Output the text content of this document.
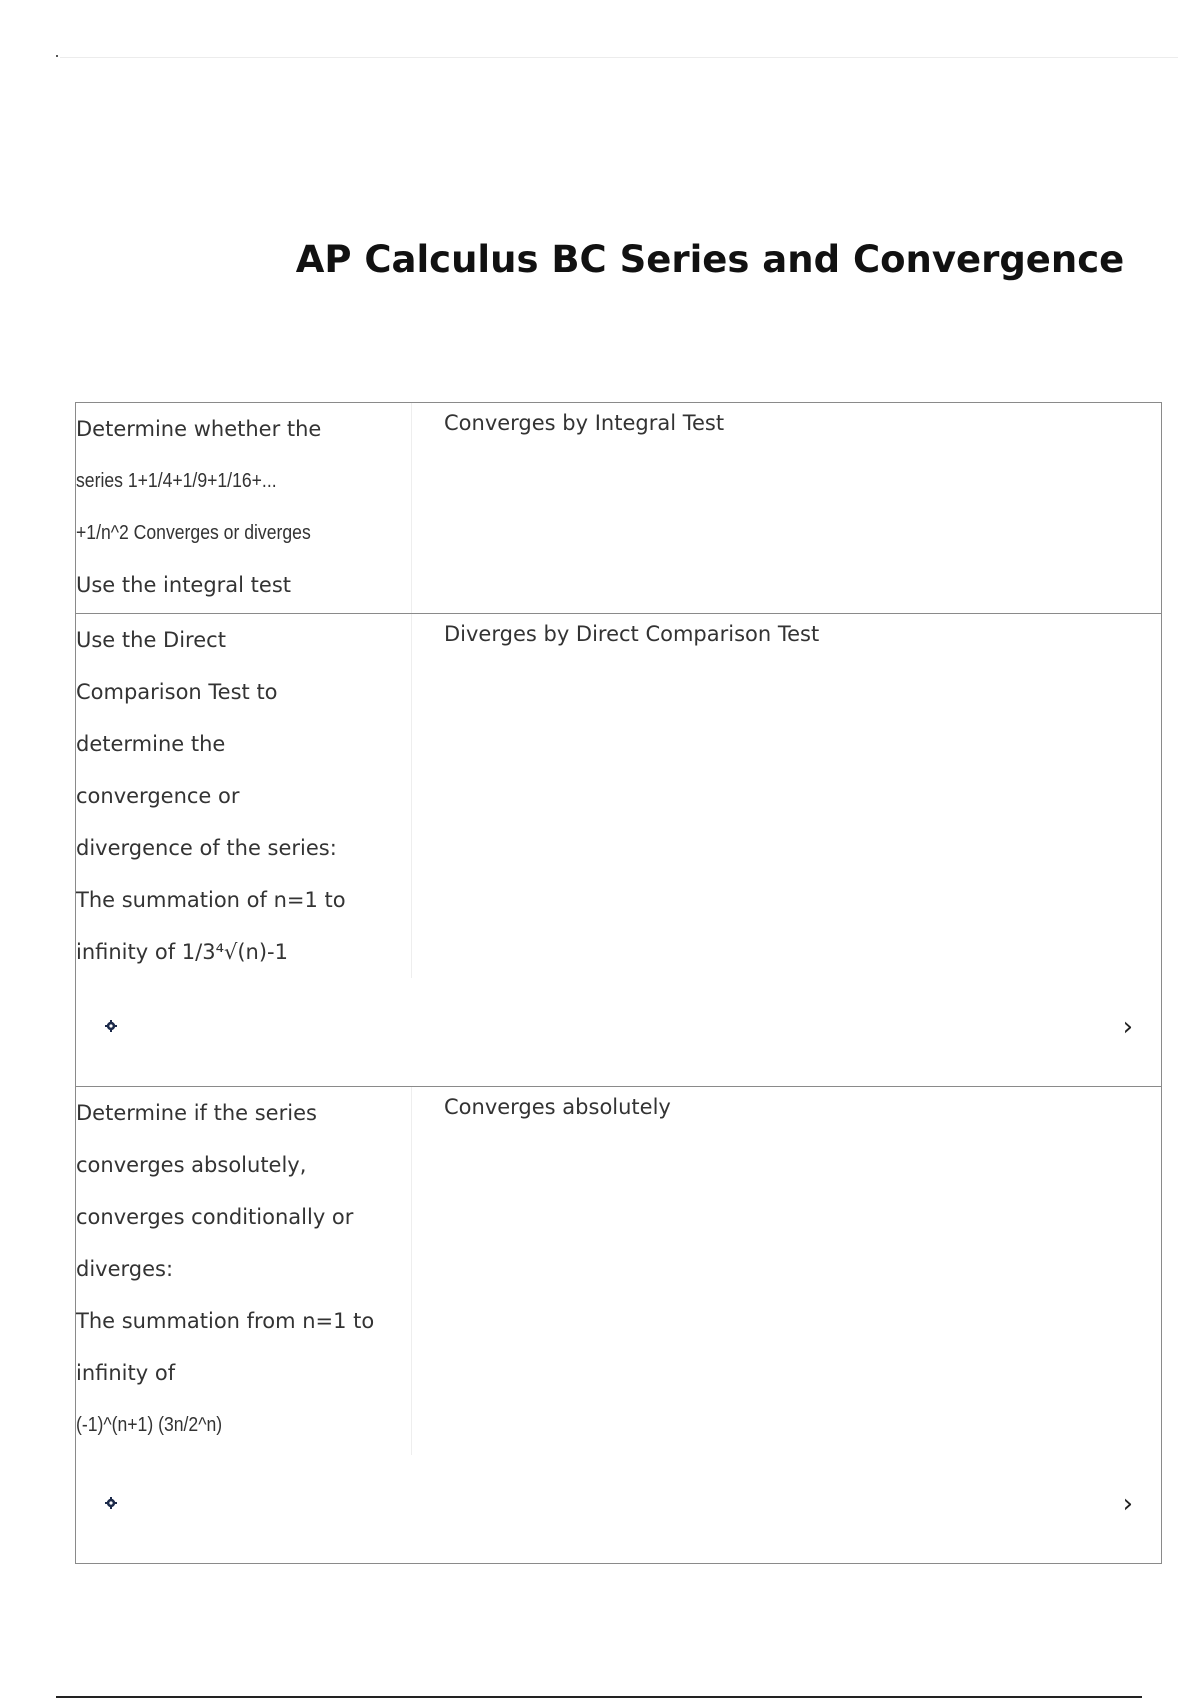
AP Calculus BC Series and Convergence
Determine whether the
series 1+1/4+1/9+1/16+...
+1/n^2 Converges or diverges
Use the integral test
Converges by Integral Test
Use the Direct
Comparison Test to
determine the
convergence or
divergence of the series:
The summation of n=1 to
infinity of 1/3⁴√(n)-1
Diverges by Direct Comparison Test
›
Determine if the series
converges absolutely,
converges conditionally or
diverges:
The summation from n=1 to
infinity of
(-1)^(n+1) (3n/2^n)
Converges absolutely
›
